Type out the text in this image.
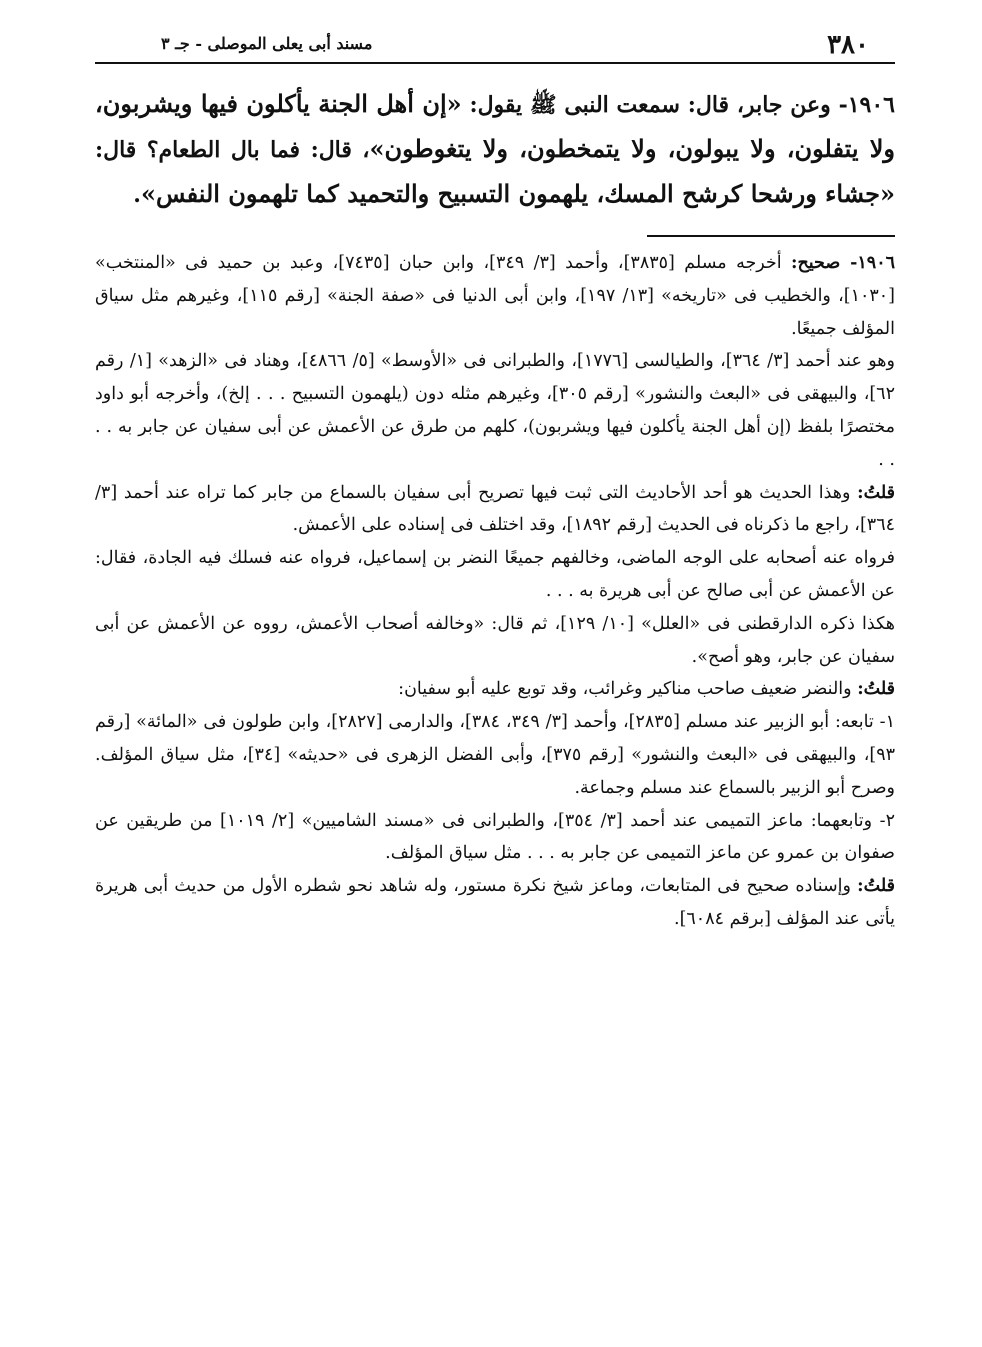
٣٨٠
مسند أبى يعلى الموصلى - جـ ٣
١٩٠٦- وعن جابر، قال: سمعت النبى ﷺ يقول: «إن أهل الجنة يأكلون فيها ويشربون، ولا يتفلون، ولا يبولون، ولا يتمخطون، ولا يتغوطون»، قال: فما بال الطعام؟ قال: «جشاء ورشحا كرشح المسك، يلهمون التسبيح والتحميد كما تلهمون النفس».

١٩٠٦- صحيح: أخرجه مسلم [٣٨٣٥]، وأحمد [٣/ ٣٤٩]، وابن حبان [٧٤٣٥]، وعبد بن حميد فى «المنتخب» [١٠٣٠]، والخطيب فى «تاريخه» [١٣/ ١٩٧]، وابن أبى الدنيا فى «صفة الجنة» [رقم ١١٥]، وغيرهم مثل سياق المؤلف جميعًا.

وهو عند أحمد [٣/ ٣٦٤]، والطيالسى [١٧٧٦]، والطبرانى فى «الأوسط» [٥/ ٤٨٦٦]، وهناد فى «الزهد» [١/ رقم ٦٢]، والبيهقى فى «البعث والنشور» [رقم ٣٠٥]، وغيرهم مثله دون (يلهمون التسبيح . . . إلخ)، وأخرجه أبو داود مختصرًا بلفظ (إن أهل الجنة يأكلون فيها ويشربون)، كلهم من طرق عن الأعمش عن أبى سفيان عن جابر به . . . .

قلتُ: وهذا الحديث هو أحد الأحاديث التى ثبت فيها تصريح أبى سفيان بالسماع من جابر كما تراه عند أحمد [٣/ ٣٦٤]، راجع ما ذكرناه فى الحديث [رقم ١٨٩٢]، وقد اختلف فى إسناده على الأعمش.

فرواه عنه أصحابه على الوجه الماضى، وخالفهم جميعًا النضر بن إسماعيل، فرواه عنه فسلك فيه الجادة، فقال: عن الأعمش عن أبى صالح عن أبى هريرة به . . .

هكذا ذكره الدارقطنى فى «العلل» [١٠/ ١٢٩]، ثم قال: «وخالفه أصحاب الأعمش، رووه عن الأعمش عن أبى سفيان عن جابر، وهو أصح».

قلتُ: والنضر ضعيف صاحب مناكير وغرائب، وقد توبع عليه أبو سفيان:

١- تابعه: أبو الزبير عند مسلم [٢٨٣٥]، وأحمد [٣/ ٣٤٩، ٣٨٤]، والدارمى [٢٨٢٧]، وابن طولون فى «المائة» [رقم ٩٣]، والبيهقى فى «البعث والنشور» [رقم ٣٧٥]، وأبى الفضل الزهرى فى «حديثه» [٣٤]، مثل سياق المؤلف. وصرح أبو الزبير بالسماع عند مسلم وجماعة.

٢- وتابعهما: ماعز التميمى عند أحمد [٣/ ٣٥٤]، والطبرانى فى «مسند الشاميين» [٢/ ١٠١٩] من طريقين عن صفوان بن عمرو عن ماعز التميمى عن جابر به . . . مثل سياق المؤلف.

قلتُ: وإسناده صحيح فى المتابعات، وماعز شيخ نكرة مستور، وله شاهد نحو شطره الأول من حديث أبى هريرة يأتى عند المؤلف [برقم ٦٠٨٤].
